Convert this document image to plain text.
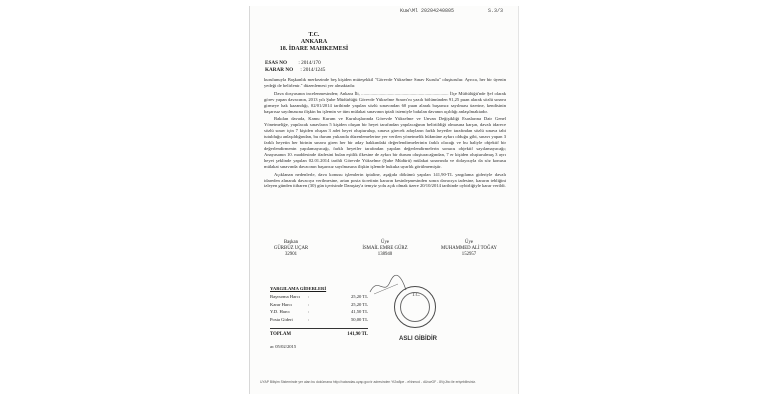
Kuw\Ml 20204240805	S.3/3
T.C.
ANKARA
18. İDARE MAHKEMESİ
ESAS NO : 2014/170
KARAR NO : 2014/1245

kurulunuyla Başkanlık merkezinde beş kişiden müteşekkil "Görevde Yükselme Sınav Kurulu" oluşturulur. Ayrıca, her bir üyenin yedeği de belirlenir." düzenlemesi yer almaktadır.

Dava dosyasının incelenmesinden; Ankara İli, ............................................................................ İlçe Müftülüğü'nde Şef olarak görev yapan davacının, 2013 yılı Şube Müdürlüğü Görevde Yükselme Sınavı'nı yazılı bölümünden 91,25 puan alarak sözlü sınava girmeye hak kazandığı, 02/01/2014 tarihinde yapılan sözlü sınavından 60 puan alarak başarısız sayılması üzerine, kendisinin başarısız sayılmasına ilişkin bu işlemin ve tüm mülakat sınavının iptali istemiyle bakılan davanın açıldığı anlaşılmaktadır.

Bakılan davada, Kamu Kurum ve Kuruluşlarında Görevde Yükselme ve Unvan Değişikliği Esaslarına Dair Genel Yönetmeliğe, yapılacak sınavların 5 kişiden oluşan bir heyet tarafından yapılacağının belirtildiği olmasına karşın, davalı idarece sözlü sınav için 7 kişiden oluşan 3 adet heyet oluşturulup, sınava girecek adayların farklı heyetler tarafından sözlü sınava tabi tutulduğu anlaşıldığından, bu durum yukarıda düzenlemelerine yer verilen yönetmelik hükmüne aykırı olduğu gibi, sınavı yapan 3 farklı heyetin her birinin sınava giren her bir aday hakkındaki değerlendirmelerinin farklı olacağı ve bu haliyle objektif bir değerlendirmenin yapılamayacağı, farklı heyetler tarafından yapılan değerlendirmelerin sonucu objektif sayılamayacağı; Anayasanın 10. maddesinde ifadesini bulan eşitlik ilkesine de aykırı bir durum oluşturacağından, 7 er kişiden oluşturulmuş 3 ayrı heyet şeklinde yapılan 02.01.2014 tarihli Görevde Yükselme (Şube Müdürü) mülakat sınavında ve dolayısıyla da söz konusu mülakat sınavında davacının başarısız sayılmasına ilişkin işlemde hukuka uyarlık görülmemiştir.

Açıklanan nedenlerle, dava konusu işlemlerin iptaline, aşağıda dökümü yapılan 141,90-TL yargılama gideriyle davalı idareden alınarak davacıya verilmesine, artan posta ücretinin kararın kesinleşmesinden sonra davacıya iadesine, kararın tebliğini izleyen günden itibaren (30) gün içerisinde Danıştay'a temyiz yolu açık olmak üzere 20/10/2014 tarihinde oybirliğiyle karar verildi.

Başkan
GÜRBÜZ UÇAR
32901
Üye
İSMAİL EMRE GÜRZ
138940
Üye
MUHAMMED ALİ TOĞAY
152957
YARGILAMA GİDERLERİ
Başvurma Harcı :	25,20 TL
Karar Harcı	:	25,20 TL
Y.D. Harcı	:	41,50 TL
Posta Gideri	:	50,00 TL
TOPLAM	141,90 TL
ac 05/02/2015
T.C.
ASLI GİBİDİR
UYAP Bilişim Sisteminde yer alan bu dokümana http://vatandas.uyap.gov.tr adresinden Yt2w8pe - eNnmcd - dUvwGF - 8VyJbo ile erişebilirsiniz.
